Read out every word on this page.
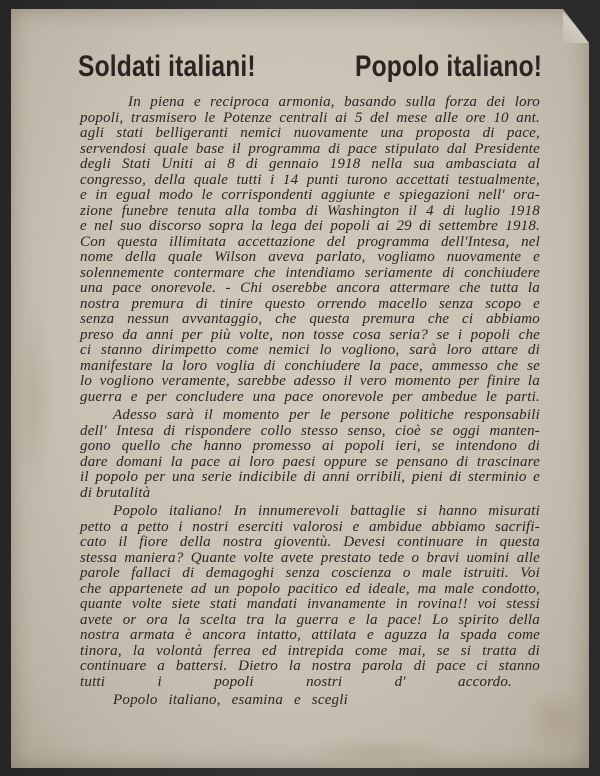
Soldati italiani!	Popolo italiano!
In piena e reciproca armonia, basando sulla forza dei loro
popoli, trasmisero le Potenze centrali ai 5 del mese alle ore 10 ant.
agli stati belligeranti nemici nuovamente una proposta di pace,
servendosi quale base il programma di pace stipulato dal Presidente
degli Stati Uniti ai 8 di gennaio 1918 nella sua ambasciata al
congresso, della quale tutti i 14 punti turono accettati testualmente,
e in egual modo le corrispondenti aggiunte e spiegazioni nell' ora-
zione funebre tenuta alla tomba di Washington il 4 di luglio 1918
e nel suo discorso sopra la lega dei popoli ai 29 di settembre 1918.
Con questa illimitata accettazione del programma dell'Intesa, nel
nome della quale Wilson aveva parlato, vogliamo nuovamente e
solennemente contermare che intendiamo seriamente di conchiudere
una pace onorevole. - Chi oserebbe ancora attermare che tutta la
nostra premura di tinire questo orrendo macello senza scopo e
senza nessun avvantaggio, che questa premura che ci abbiamo
preso da anni per più volte, non tosse cosa seria? se i popoli che
ci stanno dirimpetto come nemici lo vogliono, sarà loro attare di
manifestare la loro voglia di conchiudere la pace, ammesso che se
lo vogliono veramente, sarebbe adesso il vero momento per finire la
guerra e per concludere una pace onorevole per ambedue le parti.
Adesso sarà il momento per le persone politiche responsabili
dell' Intesa di rispondere collo stesso senso, cioè se oggi manten-
gono quello che hanno promesso ai popoli ieri, se intendono di
dare domani la pace ai loro paesi oppure se pensano di trascinare
il popolo per una serie indicibile di anni orribili, pieni di sterminio e
di brutalità
Popolo italiano! In innumerevoli battaglie si hanno misurati
petto a petto i nostri eserciti valorosi e ambidue abbiamo sacrifi-
cato il fiore della nostra gioventù. Devesi continuare in questa
stessa maniera? Quante volte avete prestato tede o bravi uomini alle
parole fallaci di demagoghi senza coscienza o male istruiti. Voi
che appartenete ad un popolo pacitico ed ideale, ma male condotto,
quante volte siete stati mandati invanamente in rovina!! voi stessi
avete or ora la scelta tra la guerra e la pace! Lo spirito della
nostra armata è ancora intatto, attilata e aguzza la spada come
tinora, la volontà ferrea ed intrepida come mai, se si tratta di
continuare a battersi. Dietro la nostra parola di pace ci stanno
tutti i popoli nostri d' accordo.
Popolo italiano, esamina e scegli
